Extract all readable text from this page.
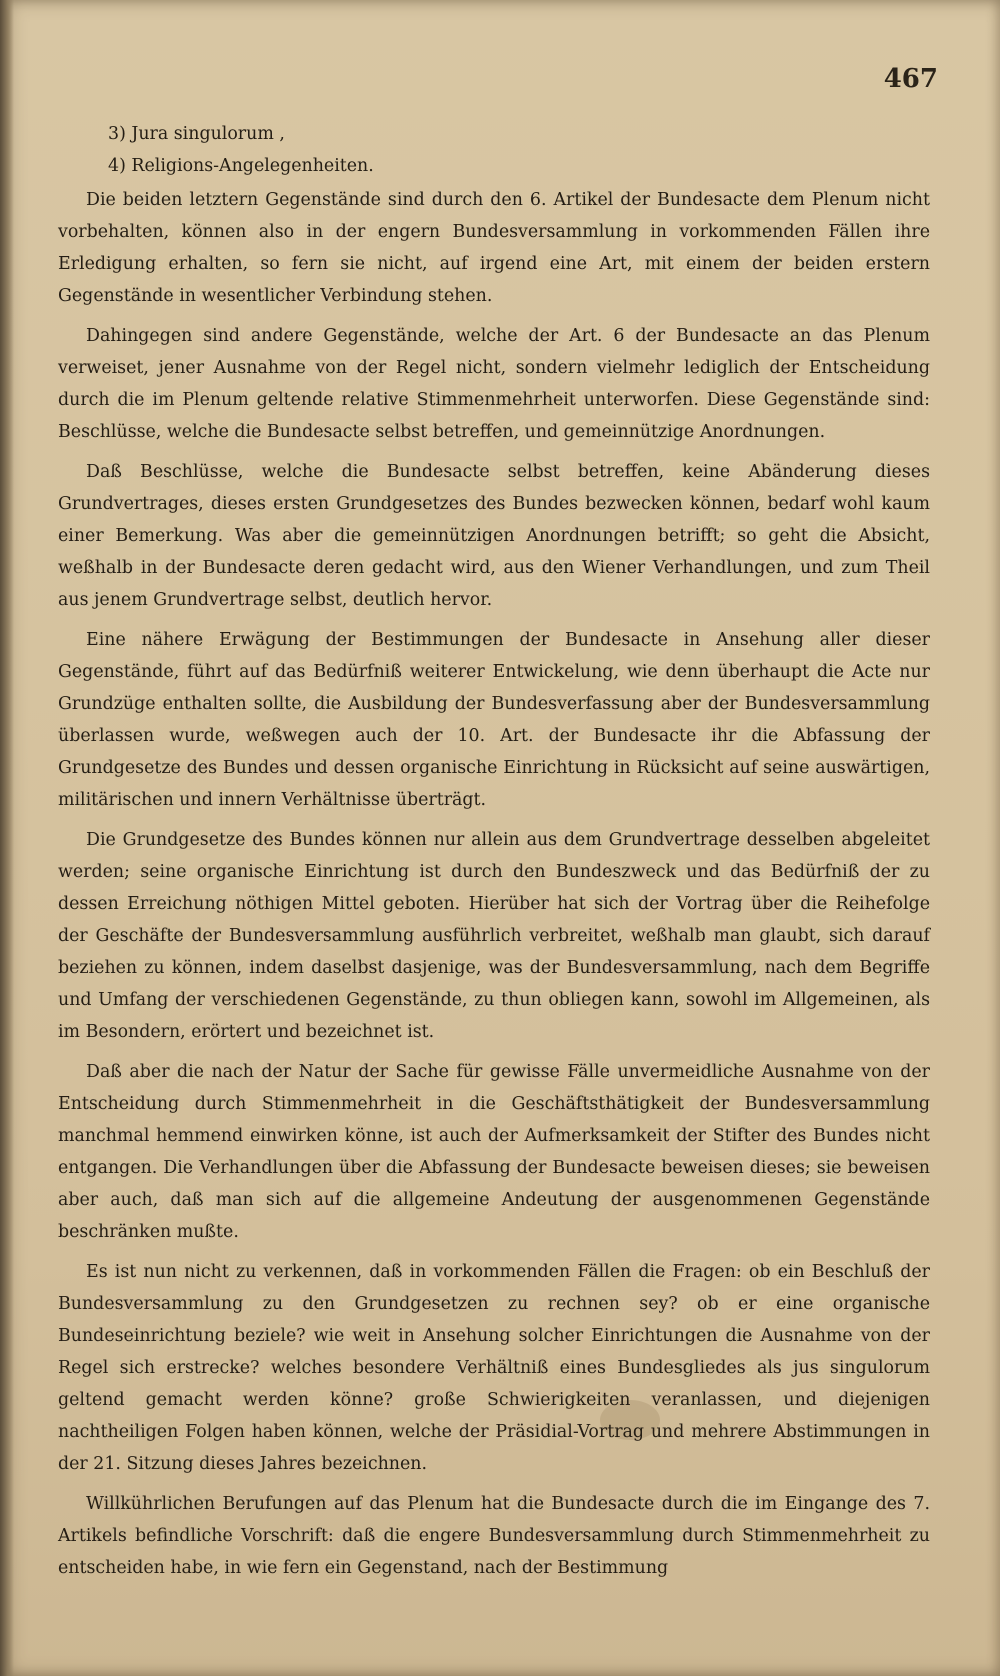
467

3) Jura singulorum ,

4) Religions-Angelegenheiten.

Die beiden letztern Gegenstände sind durch den 6. Artikel der Bundesacte dem Plenum nicht vorbehalten, können also in der engern Bundesversammlung in vorkommenden Fällen ihre Erledigung erhalten, so fern sie nicht, auf irgend eine Art, mit einem der beiden erstern Gegenstände in wesentlicher Verbindung stehen.

Dahingegen sind andere Gegenstände, welche der Art. 6 der Bundesacte an das Plenum verweiset, jener Ausnahme von der Regel nicht, sondern vielmehr lediglich der Entscheidung durch die im Plenum geltende relative Stimmenmehrheit unterworfen. Diese Gegenstände sind: Beschlüsse, welche die Bundesacte selbst betreffen, und gemeinnützige Anordnungen.

Daß Beschlüsse, welche die Bundesacte selbst betreffen, keine Abänderung dieses Grundvertrages, dieses ersten Grundgesetzes des Bundes bezwecken können, bedarf wohl kaum einer Bemerkung. Was aber die gemeinnützigen Anordnungen betrifft; so geht die Absicht, weßhalb in der Bundesacte deren gedacht wird, aus den Wiener Verhandlungen, und zum Theil aus jenem Grundvertrage selbst, deutlich hervor.

Eine nähere Erwägung der Bestimmungen der Bundesacte in Ansehung aller dieser Gegenstände, führt auf das Bedürfniß weiterer Entwickelung, wie denn überhaupt die Acte nur Grundzüge enthalten sollte, die Ausbildung der Bundesverfassung aber der Bundesversammlung überlassen wurde, weßwegen auch der 10. Art. der Bundesacte ihr die Abfassung der Grundgesetze des Bundes und dessen organische Einrichtung in Rücksicht auf seine auswärtigen, militärischen und innern Verhältnisse überträgt.

Die Grundgesetze des Bundes können nur allein aus dem Grundvertrage desselben abgeleitet werden; seine organische Einrichtung ist durch den Bundeszweck und das Bedürfniß der zu dessen Erreichung nöthigen Mittel geboten. Hierüber hat sich der Vortrag über die Reihefolge der Geschäfte der Bundesversammlung ausführlich verbreitet, weßhalb man glaubt, sich darauf beziehen zu können, indem daselbst dasjenige, was der Bundesversammlung, nach dem Begriffe und Umfang der verschiedenen Gegenstände, zu thun obliegen kann, sowohl im Allgemeinen, als im Besondern, erörtert und bezeichnet ist.

Daß aber die nach der Natur der Sache für gewisse Fälle unvermeidliche Ausnahme von der Entscheidung durch Stimmenmehrheit in die Geschäftsthätigkeit der Bundesversammlung manchmal hemmend einwirken könne, ist auch der Aufmerksamkeit der Stifter des Bundes nicht entgangen. Die Verhandlungen über die Abfassung der Bundesacte beweisen dieses; sie beweisen aber auch, daß man sich auf die allgemeine Andeutung der ausgenommenen Gegenstände beschränken mußte.

Es ist nun nicht zu verkennen, daß in vorkommenden Fällen die Fragen: ob ein Beschluß der Bundesversammlung zu den Grundgesetzen zu rechnen sey? ob er eine organische Bundeseinrichtung beziele? wie weit in Ansehung solcher Einrichtungen die Ausnahme von der Regel sich erstrecke? welches besondere Verhältniß eines Bundesgliedes als jus singulorum geltend gemacht werden könne? große Schwierigkeiten veranlassen, und diejenigen nachtheiligen Folgen haben können, welche der Präsidial-Vortrag und mehrere Abstimmungen in der 21. Sitzung dieses Jahres bezeichnen.

Willkührlichen Berufungen auf das Plenum hat die Bundesacte durch die im Eingange des 7. Artikels befindliche Vorschrift: daß die engere Bundesversammlung durch Stimmenmehrheit zu entscheiden habe, in wie fern ein Gegenstand, nach der Bestimmung
